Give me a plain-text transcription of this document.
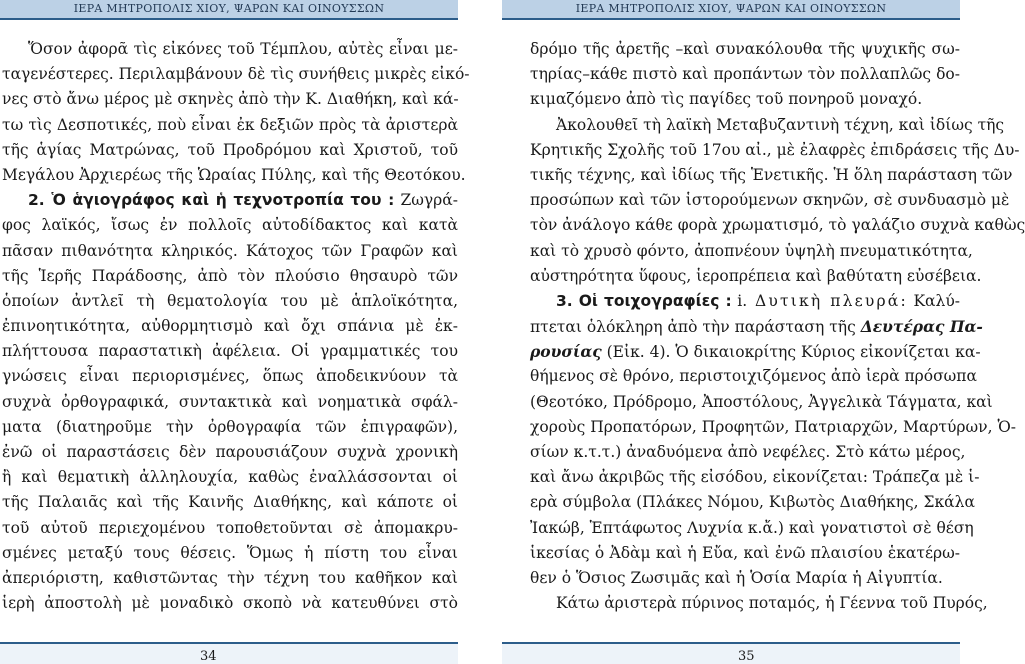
ΙΕΡΑ ΜΗΤΡΟΠΟΛΙΣ ΧΙΟΥ, ΨΑΡΩΝ ΚΑΙ ΟΙΝΟΥΣΣΩΝ
Ὅσον ἀφορᾶ τὶς εἰκόνες τοῦ Τέμπλου, αὐτὲς εἶναι με-
ταγενέστερες. Περιλαμβάνουν δὲ τὶς συνήθεις μικρὲς εἰκό-
νες στὸ ἄνω μέρος μὲ σκηνὲς ἀπὸ τὴν Κ. Διαθήκη, καὶ κά-
τω τὶς Δεσποτικές, ποὺ εἶναι ἐκ δεξιῶν πρὸς τὰ ἀριστερὰ
τῆς ἁγίας Ματρώνας, τοῦ Προδρόμου καὶ Χριστοῦ, τοῦ
Μεγάλου Ἀρχιερέως τῆς Ὡραίας Πύλης, καὶ τῆς Θεοτόκου.
2. Ὁ ἁγιογράφος καὶ ἡ τεχνοτροπία του : Ζωγρά-
φος λαϊκός, ἴσως ἐν πολλοῖς αὐτοδίδακτος καὶ κατὰ
πᾶσαν πιθανότητα κληρικός. Κάτοχος τῶν Γραφῶν καὶ
τῆς Ἱερῆς Παράδοσης, ἀπὸ τὸν πλούσιο θησαυρὸ τῶν
ὁποίων ἀντλεῖ τὴ θεματολογία του μὲ ἁπλοϊκότητα,
ἐπινοητικότητα, αὐθορμητισμὸ καὶ ὄχι σπάνια μὲ ἐκ-
πλήττουσα παραστατικὴ ἀφέλεια. Οἱ γραμματικές του
γνώσεις εἶναι περιορισμένες, ὅπως ἀποδεικνύουν τὰ
συχνὰ ὀρθογραφικά, συντακτικὰ καὶ νοηματικὰ σφάλ-
ματα (διατηροῦμε τὴν ὀρθογραφία τῶν ἐπιγραφῶν),
ἐνῶ οἱ παραστάσεις δὲν παρουσιάζουν συχνὰ χρονικὴ
ἢ καὶ θεματικὴ ἀλληλουχία, καθὼς ἐναλλάσσονται οἱ
τῆς Παλαιᾶς καὶ τῆς Καινῆς Διαθήκης, καὶ κάποτε οἱ
τοῦ αὐτοῦ περιεχομένου τοποθετοῦνται σὲ ἀπομακρυ-
σμένες μεταξύ τους θέσεις. Ὅμως ἡ πίστη του εἶναι
ἀπεριόριστη, καθιστῶντας τὴν τέχνη του καθῆκον καὶ
ἱερὴ ἀποστολὴ μὲ μοναδικὸ σκοπὸ νὰ κατευθύνει στὸ
34
ΙΕΡΑ ΜΗΤΡΟΠΟΛΙΣ ΧΙΟΥ, ΨΑΡΩΝ ΚΑΙ ΟΙΝΟΥΣΣΩΝ
δρόμο τῆς ἀρετῆς –καὶ συνακόλουθα τῆς ψυχικῆς σω-
τηρίας–κάθε πιστὸ καὶ προπάντων τὸν πολλαπλῶς δο-
κιμαζόμενο ἀπὸ τὶς παγίδες τοῦ πονηροῦ μοναχό.
Ἀκολουθεῖ τὴ λαϊκὴ Μεταβυζαντινὴ τέχνη, καὶ ἰδίως τῆς
Κρητικῆς Σχολῆς τοῦ 17ου αἰ., μὲ ἐλαφρὲς ἐπιδράσεις τῆς Δυ-
τικῆς τέχνης, καὶ ἰδίως τῆς Ἑνετικῆς. Ἡ ὅλη παράσταση τῶν
προσώπων καὶ τῶν ἱστορούμενων σκηνῶν, σὲ συνδυασμὸ μὲ
τὸν ἀνάλογο κάθε φορὰ χρωματισμό, τὸ γαλάζιο συχνὰ καθὼς
καὶ τὸ χρυσὸ φόντο, ἀποπνέουν ὑψηλὴ πνευματικότητα,
αὐστηρότητα ὕφους, ἱεροπρέπεια καὶ βαθύτατη εὐσέβεια.
3. Οἱ τοιχογραφίες : i. Δυτικὴ πλευρά: Καλύ-
πτεται ὁλόκληρη ἀπὸ τὴν παράσταση τῆς Δευτέρας Πα-
ρουσίας (Εἰκ. 4). Ὁ δικαιοκρίτης Κύριος εἰκονίζεται κα-
θήμενος σὲ θρόνο, περιστοιχιζόμενος ἀπὸ ἱερὰ πρόσωπα
(Θεοτόκο, Πρόδρομο, Ἀποστόλους, Ἀγγελικὰ Τάγματα, καὶ
χοροὺς Προπατόρων, Προφητῶν, Πατριαρχῶν, Μαρτύρων, Ὁ-
σίων κ.τ.τ.) ἀναδυόμενα ἀπὸ νεφέλες. Στὸ κάτω μέρος,
καὶ ἄνω ἀκριβῶς τῆς εἰσόδου, εἰκονίζεται: Τράπεζα μὲ ἱ-
ερὰ σύμβολα (Πλάκες Νόμου, Κιβωτὸς Διαθήκης, Σκάλα
Ἰακώβ, Ἑπτάφωτος Λυχνία κ.ἄ.) καὶ γονατιστοὶ σὲ θέση
ἱκεσίας ὁ Ἀδὰμ καὶ ἡ Εὔα, καὶ ἐνῶ πλαισίου ἑκατέρω-
θεν ὁ Ὅσιος Ζωσιμᾶς καὶ ἡ Ὁσία Μαρία ἡ Αἰγυπτία.
Κάτω ἀριστερὰ πύρινος ποταμός, ἡ Γέεννα τοῦ Πυρός,
35
